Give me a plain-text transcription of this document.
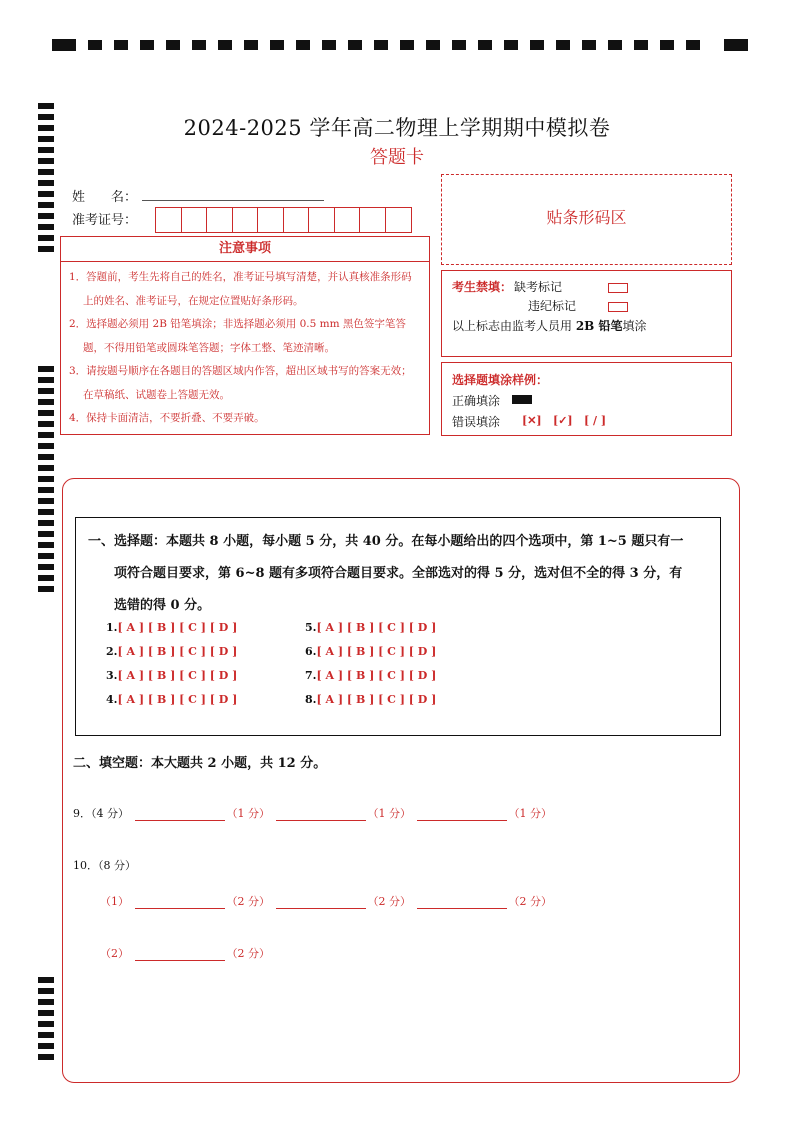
2024-2025 学年高二物理上学期期中模拟卷
答题卡
姓　　名：
准考证号：
注意事项
1．答题前，考生先将自己的姓名，准考证号填写清楚，并认真核准条形码上的姓名、准考证号，在规定位置贴好条形码。
2．选择题必须用 2B 铅笔填涂；非选择题必须用 0.5 mm 黑色签字笔答题，不得用铅笔或圆珠笔答题；字体工整、笔迹清晰。
3．请按题号顺序在各题目的答题区域内作答，超出区域书写的答案无效；在草稿纸、试题卷上答题无效。
4．保持卡面清洁，不要折叠、不要弄破。
贴条形码区
考生禁填： 缺考标记
违纪标记
以上标志由监考人员用 2B 铅笔填涂
选择题填涂样例：
正确填涂
错误填涂 [✕] [✓] [ / ]
一、选择题：本题共 8 小题，每小题 5 分，共 40 分。在每小题给出的四个选项中，第 1~5 题只有一
项符合题目要求，第 6~8 题有多项符合题目要求。全部选对的得 5 分，选对但不全的得 3 分，有
选错的得 0 分。
1.[ A ] [ B ] [ C ] [ D ]
2.[ A ] [ B ] [ C ] [ D ]
3.[ A ] [ B ] [ C ] [ D ]
4.[ A ] [ B ] [ C ] [ D ]
5.[ A ] [ B ] [ C ] [ D ]
6.[ A ] [ B ] [ C ] [ D ]
7.[ A ] [ B ] [ C ] [ D ]
8.[ A ] [ B ] [ C ] [ D ]
二、填空题：本大题共 2 小题，共 12 分。
9．（4 分）	（1 分）	（1 分）	（1 分）
10．（8 分）
（1）	（2 分）	（2 分）	（2 分）
（2）	（2 分）
